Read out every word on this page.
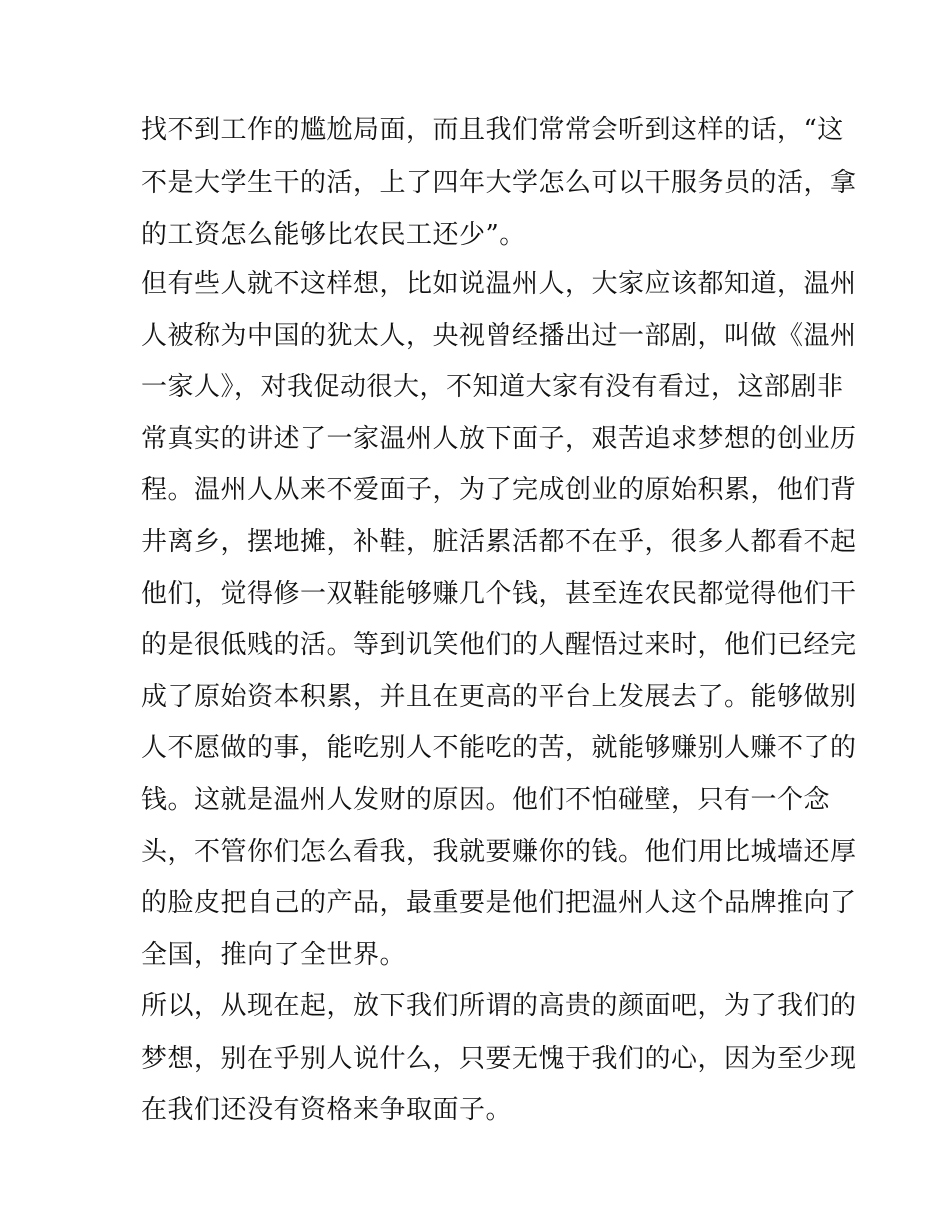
找不到工作的尴尬局面，而且我们常常会听到这样的话，“这
不是大学生干的活，上了四年大学怎么可以干服务员的活，拿
的工资怎么能够比农民工还少”。
但有些人就不这样想，比如说温州人，大家应该都知道，温州
人被称为中国的犹太人，央视曾经播出过一部剧，叫做《温州
一家人》，对我促动很大，不知道大家有没有看过，这部剧非
常真实的讲述了一家温州人放下面子，艰苦追求梦想的创业历
程。温州人从来不爱面子，为了完成创业的原始积累，他们背
井离乡，摆地摊，补鞋，脏活累活都不在乎，很多人都看不起
他们，觉得修一双鞋能够赚几个钱，甚至连农民都觉得他们干
的是很低贱的活。等到讥笑他们的人醒悟过来时，他们已经完
成了原始资本积累，并且在更高的平台上发展去了。能够做别
人不愿做的事，能吃别人不能吃的苦，就能够赚别人赚不了的
钱。这就是温州人发财的原因。他们不怕碰壁，只有一个念
头，不管你们怎么看我，我就要赚你的钱。他们用比城墙还厚
的脸皮把自己的产品，最重要是他们把温州人这个品牌推向了
全国，推向了全世界。
所以，从现在起，放下我们所谓的高贵的颜面吧，为了我们的
梦想，别在乎别人说什么，只要无愧于我们的心，因为至少现
在我们还没有资格来争取面子。
